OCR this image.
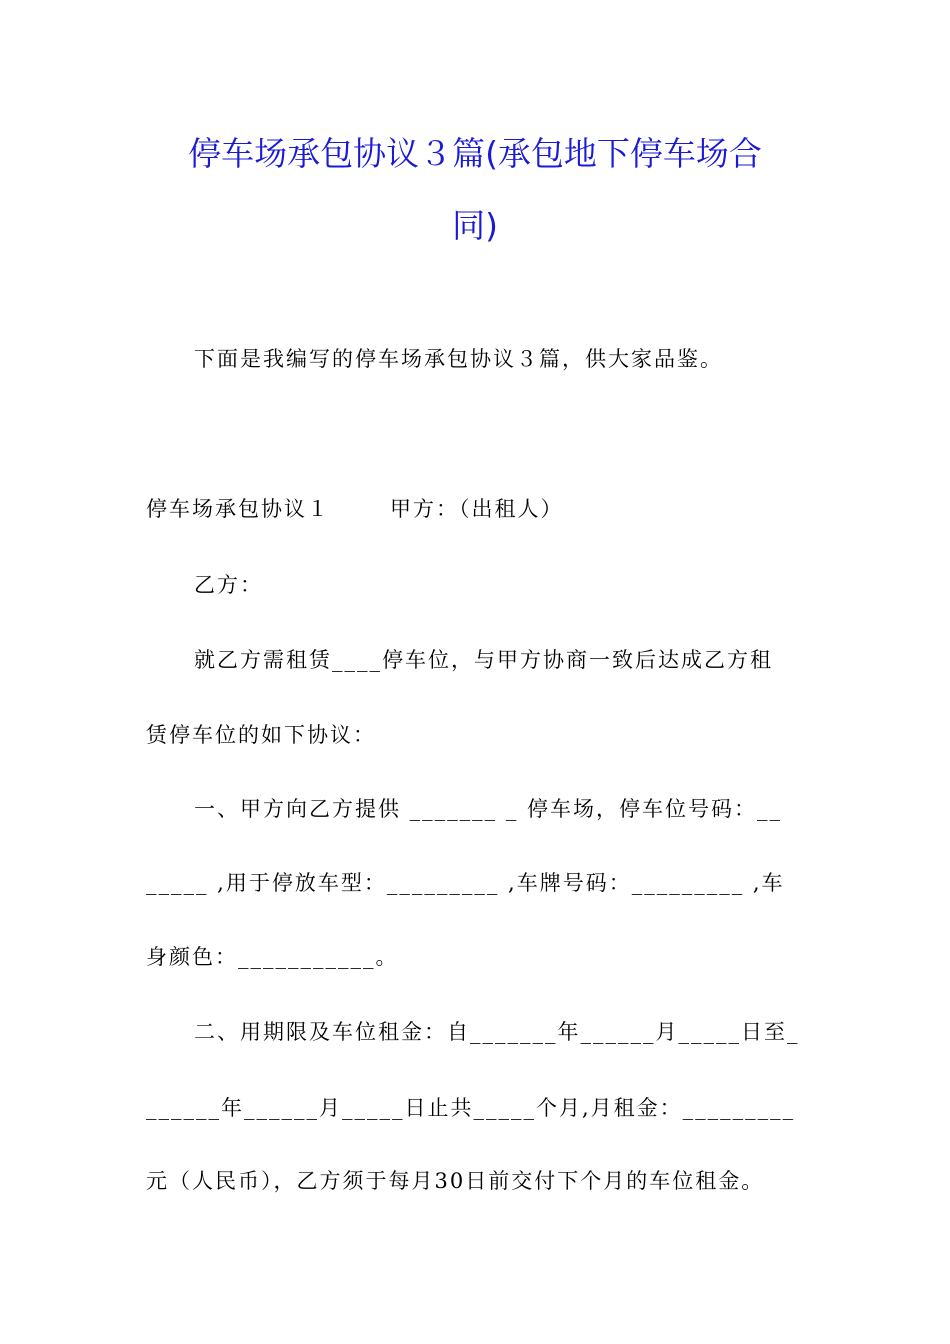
停车场承包协议３篇(承包地下停车场合
同)
下面是我编写的停车场承包协议３篇，供大家品鉴。
停车场承包协议１	甲方：（出租人）
乙方：
就乙方需租赁____停车位，与甲方协商一致后达成乙方租
赁停车位的如下协议：
一、甲方向乙方提供 _______ _ 停车场，停车位号码：__
_____ ,用于停放车型：_________ ,车牌号码：_________ ,车
身颜色：___________。
二、用期限及车位租金：自_______年______月_____日至_
______年______月_____日止共_____个月,月租金：_________
元（人民币），乙方须于每月30日前交付下个月的车位租金。
